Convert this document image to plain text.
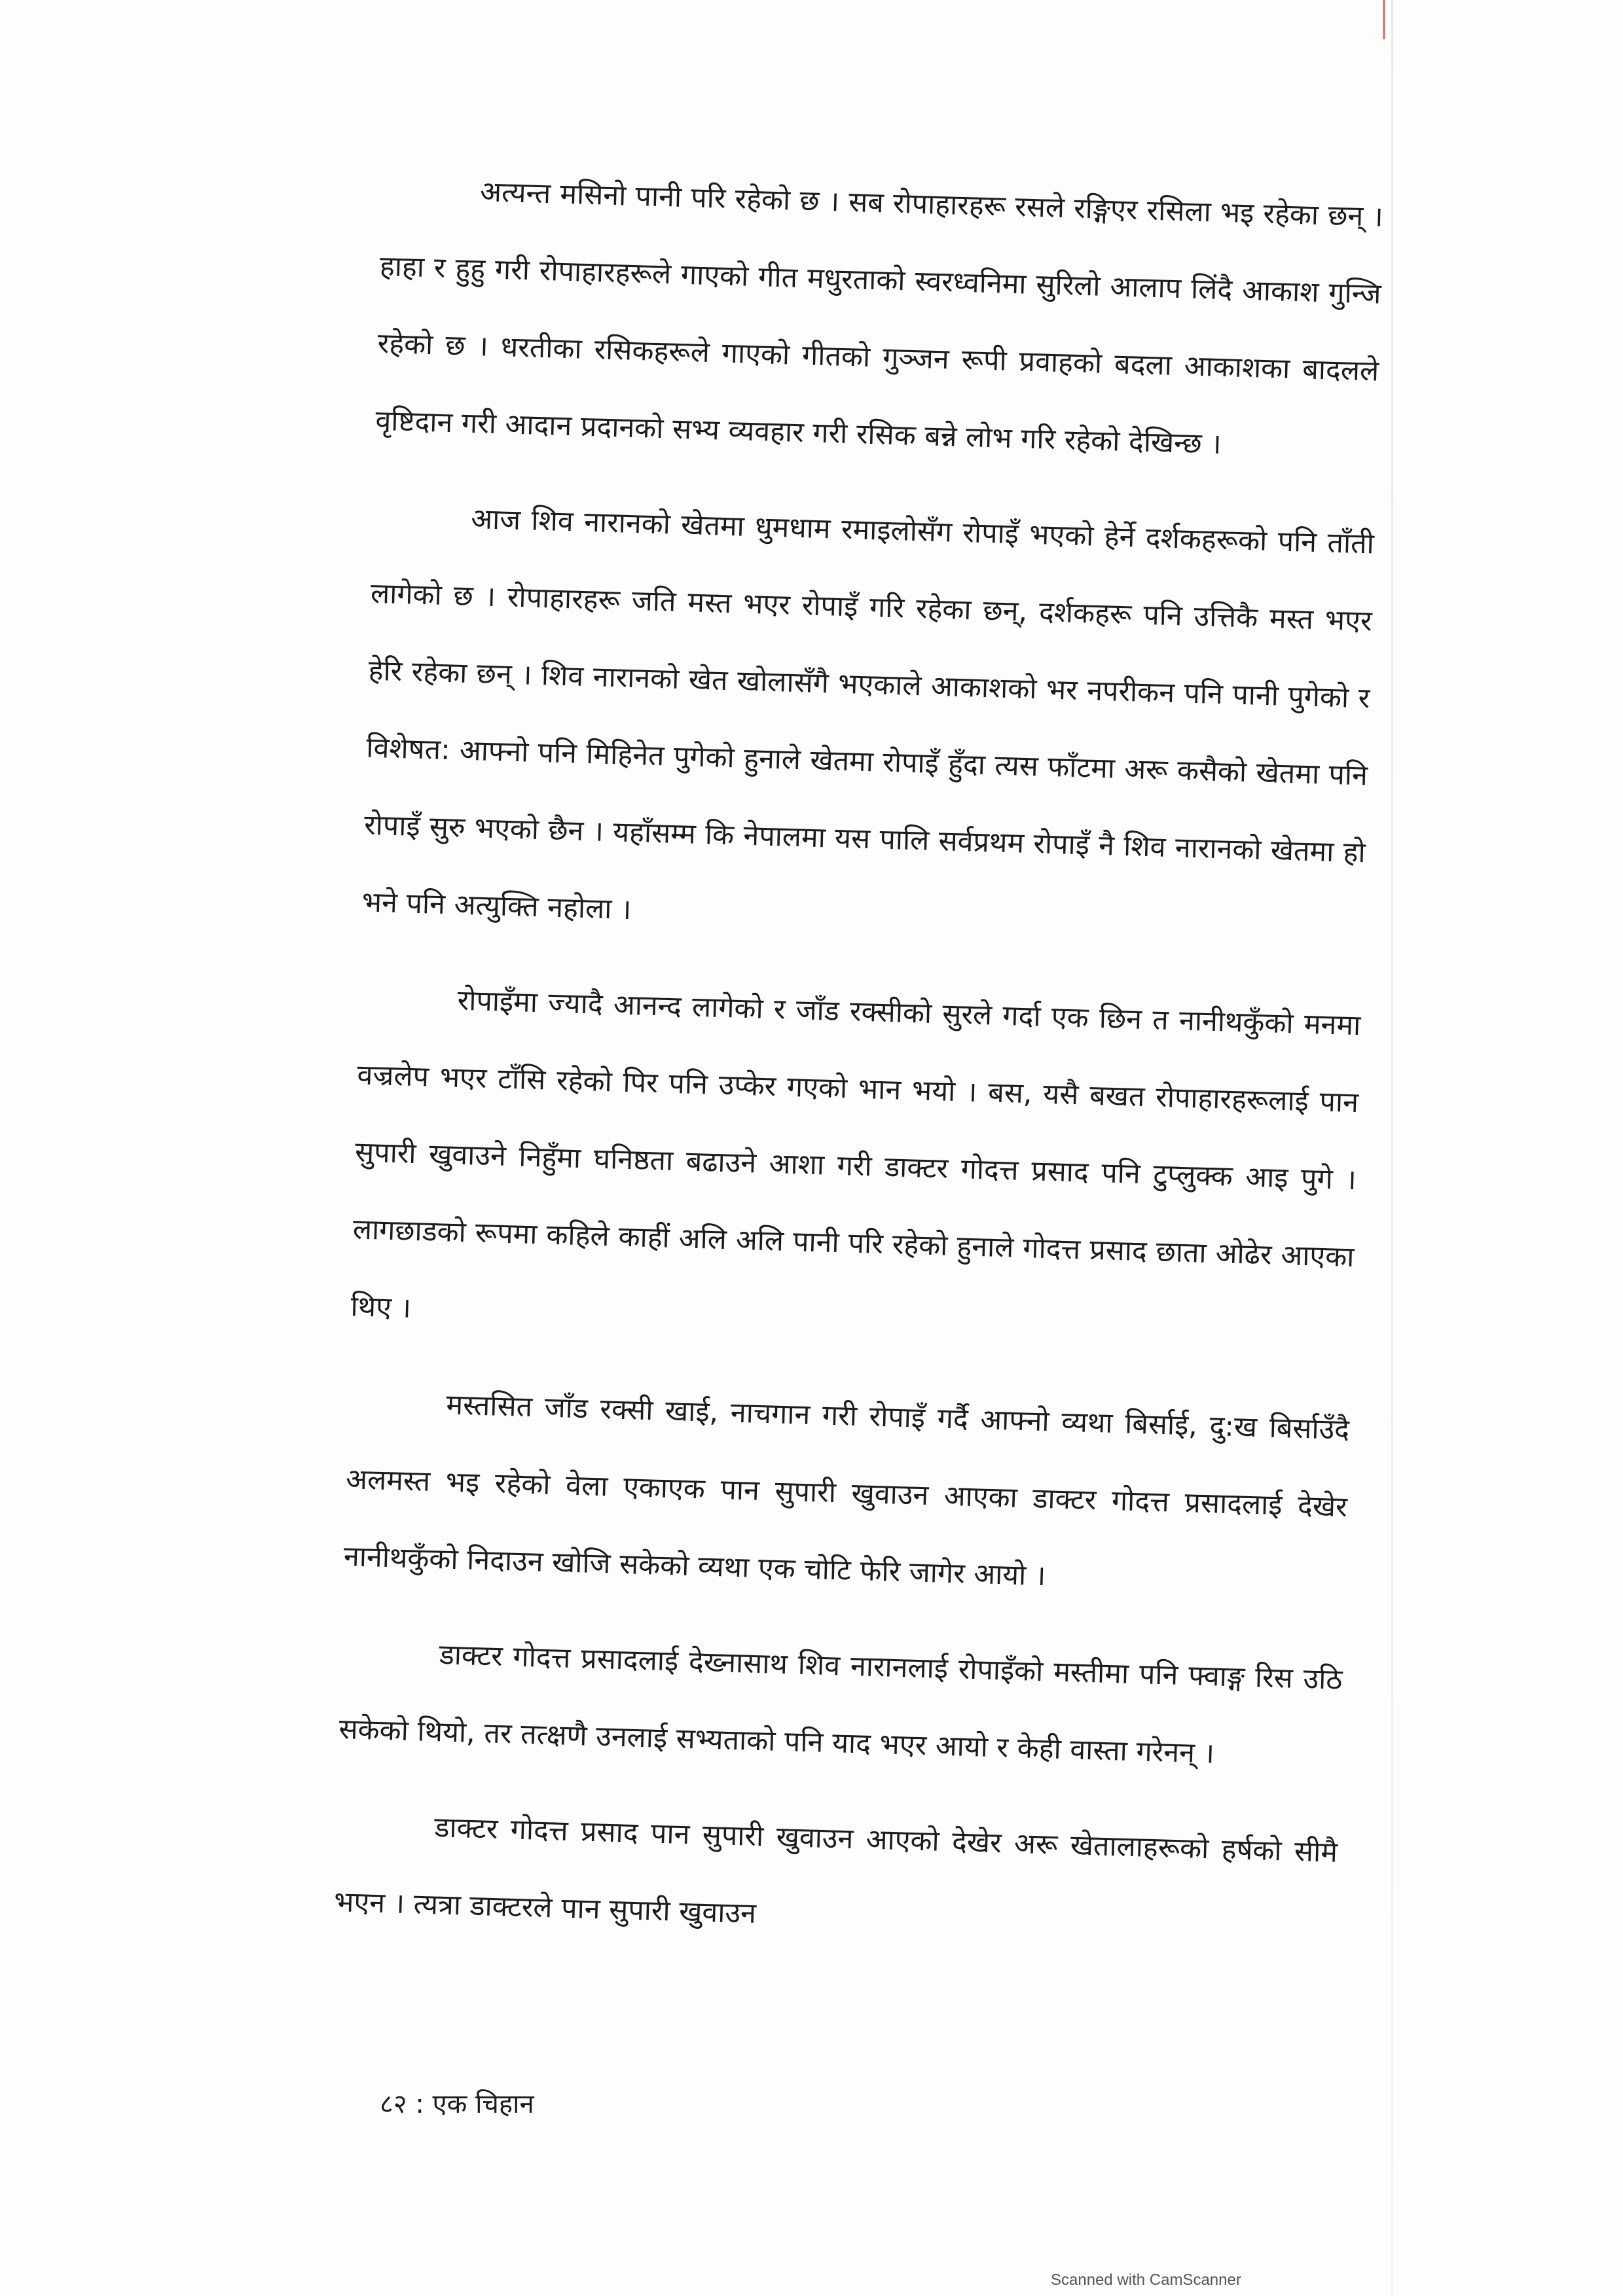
अत्यन्त मसिनो पानी परि रहेको छ । सब रोपाहारहरू रसले रङ्गिएर रसिला भइ रहेका छन् । हाहा र हुहु गरी रोपाहारहरूले गाएको गीत मधुरताको स्वरध्वनिमा सुरिलो आलाप लिंदै आकाश गुन्जि रहेको छ । धरतीका रसिकहरूले गाएको गीतको गुञ्जन रूपी प्रवाहको बदला आकाशका बादलले वृष्टिदान गरी आदान प्रदानको सभ्य व्यवहार गरी रसिक बन्ने लोभ गरि रहेको देखिन्छ ।

आज शिव नारानको खेतमा धुमधाम रमाइलोसँग रोपाइँ भएको हेर्ने दर्शकहरूको पनि ताँती लागेको छ । रोपाहारहरू जति मस्त भएर रोपाइँ गरि रहेका छन्, दर्शकहरू पनि उत्तिकै मस्त भएर हेरि रहेका छन् । शिव नारानको खेत खोलासँगै भएकाले आकाशको भर नपरीकन पनि पानी पुगेको र विशेषत: आफ्नो पनि मिहिनेत पुगेको हुनाले खेतमा रोपाइँ हुँदा त्यस फाँटमा अरू कसैको खेतमा पनि रोपाइँ सुरु भएको छैन । यहाँसम्म कि नेपालमा यस पालि सर्वप्रथम रोपाइँ नै शिव नारानको खेतमा हो भने पनि अत्युक्ति नहोला ।

रोपाइँमा ज्यादै आनन्द लागेको र जाँड रक्सीको सुरले गर्दा एक छिन त नानीथकुँको मनमा वज्रलेप भएर टाँसि रहेको पिर पनि उप्केर गएको भान भयो । बस, यसै बखत रोपाहारहरूलाई पान सुपारी खुवाउने निहुँमा घनिष्ठता बढाउने आशा गरी डाक्टर गोदत्त प्रसाद पनि टुप्लुक्क आइ पुगे । लागछाडको रूपमा कहिले काहीं अलि अलि पानी परि रहेको हुनाले गोदत्त प्रसाद छाता ओढेर आएका थिए ।

मस्तसित जाँड रक्सी खाई, नाचगान गरी रोपाइँ गर्दै आफ्नो व्यथा बिर्साई, दु:ख बिर्साउँदै अलमस्त भइ रहेको वेला एकाएक पान सुपारी खुवाउन आएका डाक्टर गोदत्त प्रसादलाई देखेर नानीथकुँको निदाउन खोजि सकेको व्यथा एक चोटि फेरि जागेर आयो ।

डाक्टर गोदत्त प्रसादलाई देख्नासाथ शिव नारानलाई रोपाइँको मस्तीमा पनि फ्वाङ्ग रिस उठि सकेको थियो, तर तत्क्षणै उनलाई सभ्यताको पनि याद भएर आयो र केही वास्ता गरेनन् ।

डाक्टर गोदत्त प्रसाद पान सुपारी खुवाउन आएको देखेर अरू खेतालाहरूको हर्षको सीमै भएन । त्यत्रा डाक्टरले पान सुपारी खुवाउन

८२ : एक चिहान
Scanned with CamScanner
